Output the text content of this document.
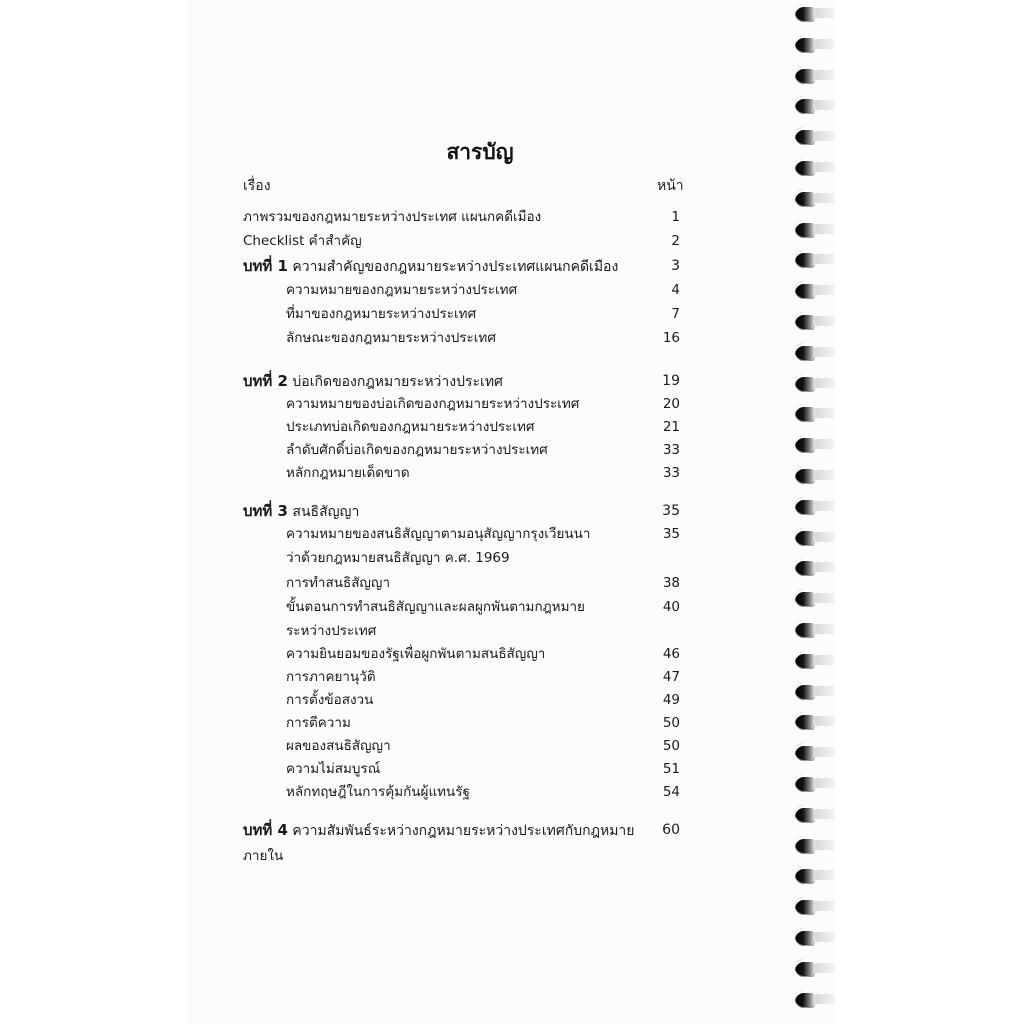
สารบัญ
เรื่อง	หน้า
ภาพรวมของกฎหมายระหว่างประเทศ แผนกคดีเมือง	1
Checklist คำสำคัญ	2
บทที่ 1 ความสำคัญของกฎหมายระหว่างประเทศแผนกคดีเมือง	3
ความหมายของกฎหมายระหว่างประเทศ	4
ที่มาของกฎหมายระหว่างประเทศ	7
ลักษณะของกฎหมายระหว่างประเทศ	16
บทที่ 2 บ่อเกิดของกฎหมายระหว่างประเทศ	19
ความหมายของบ่อเกิดของกฎหมายระหว่างประเทศ	20
ประเภทบ่อเกิดของกฎหมายระหว่างประเทศ	21
ลำดับศักดิ์บ่อเกิดของกฎหมายระหว่างประเทศ	33
หลักกฎหมายเด็ดขาด	33
บทที่ 3 สนธิสัญญา	35
ความหมายของสนธิสัญญาตามอนุสัญญากรุงเวียนนา	35
ว่าด้วยกฎหมายสนธิสัญญา ค.ศ. 1969
การทำสนธิสัญญา	38
ขั้นตอนการทำสนธิสัญญาและผลผูกพันตามกฎหมาย	40
ระหว่างประเทศ
ความยินยอมของรัฐเพื่อผูกพันตามสนธิสัญญา	46
การภาคยานุวัติ	47
การตั้งข้อสงวน	49
การตีความ	50
ผลของสนธิสัญญา	50
ความไม่สมบูรณ์	51
หลักทฤษฎีในการคุ้มกันผู้แทนรัฐ	54
บทที่ 4 ความสัมพันธ์ระหว่างกฎหมายระหว่างประเทศกับกฎหมาย	60
ภายใน
